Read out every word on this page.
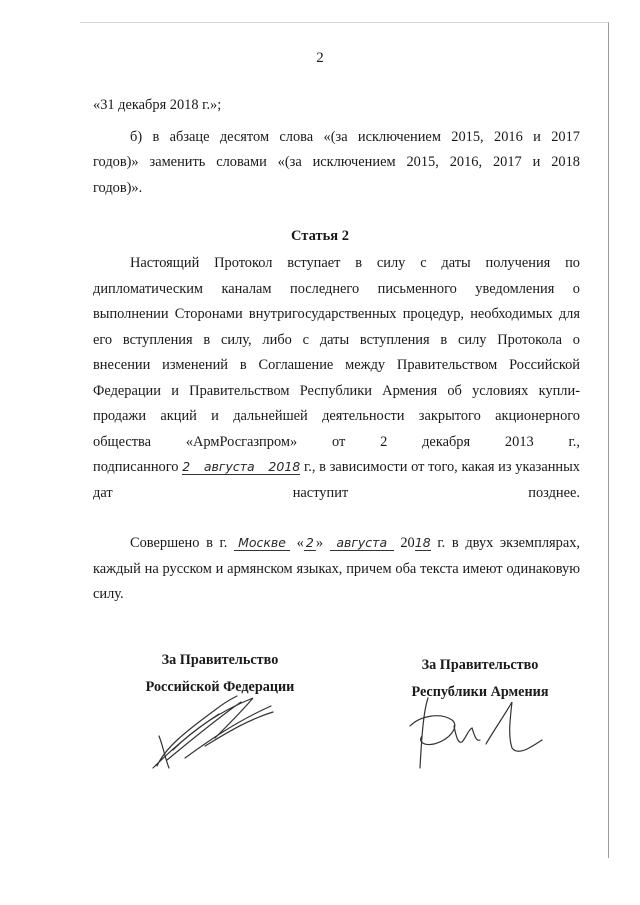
2
«31 декабря 2018 г.»;
б) в абзаце десятом слова «(за исключением 2015, 2016 и 2017 годов)» заменить словами «(за исключением 2015, 2016, 2017 и 2018 годов)».
Статья 2
Настоящий Протокол вступает в силу с даты получения по дипломатическим каналам последнего письменного уведомления о выполнении Сторонами внутригосударственных процедур, необходимых для его вступления в силу, либо с даты вступления в силу Протокола о внесении изменений в Соглашение между Правительством Российской Федерации и Правительством Республики Армения об условиях купли-продажи акций и дальнейшей деятельности закрытого акционерного общества «АрмРосгазпром» от 2 декабря 2013 г.,
подписанного 2 августа 2018 г., в зависимости от того, какая из указанных дат наступит позднее.
Совершено в г. Москве « 2 » августа 2018 г. в двух экземплярах, каждый на русском и армянском языках, причем оба текста имеют одинаковую силу.
За Правительство
Российской Федерации
За Правительство
Республики Армения
